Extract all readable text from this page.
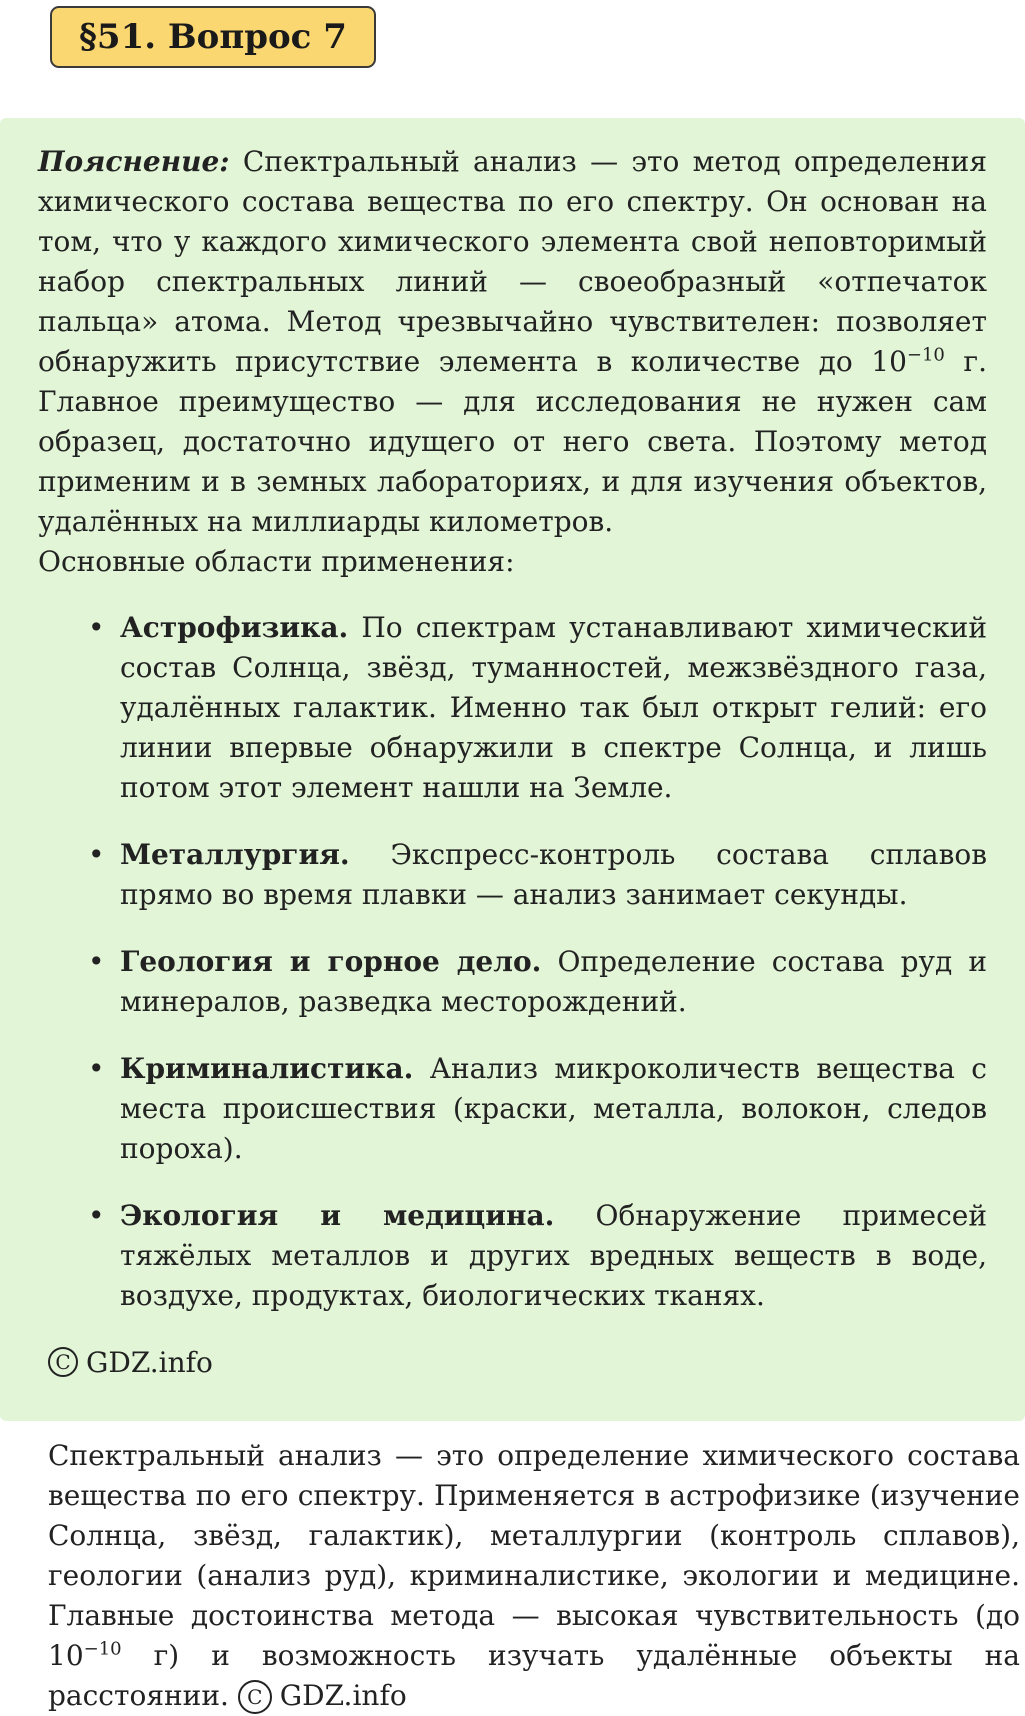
§51. Вопрос 7

Пояснение: Спектральный анализ — это метод определения химического состава вещества по его спектру. Он основан на том, что у каждого химического элемента свой неповторимый набор спектральных линий — своеобразный «отпечаток пальца» атома. Метод чрезвычайно чувствителен: позволяет обнаружить присутствие элемента в количестве до $10^{-10}$ г. Главное преимущество — для исследования не нужен сам образец, достаточно идущего от него света. Поэтому метод применим и в земных лабораториях, и для изучения объектов, удалённых на миллиарды километров.

Основные области применения:

• Астрофизика. По спектрам устанавливают химический состав Солнца, звёзд, туманностей, межзвёздного газа, удалённых галактик. Именно так был открыт гелий: его линии впервые обнаружили в спектре Солнца, и лишь потом этот элемент нашли на Земле.
• Металлургия. Экспресс-контроль состава сплавов прямо во время плавки — анализ занимает секунды.
• Геология и горное дело. Определение состава руд и минералов, разведка месторождений.
• Криминалистика. Анализ микроколичеств вещества с места происшествия (краски, металла, волокон, следов пороха).
• Экология и медицина. Обнаружение примесей тяжёлых металлов и других вредных веществ в воде, воздухе, продуктах, биологических тканях.
C GDZ.info

Спектральный анализ — это определение химического состава вещества по его спектру. Применяется в астрофизике (изучение Солнца, звёзд, галактик), металлургии (контроль сплавов), геологии (анализ руд), криминалистике, экологии и медицине. Главные достоинства метода — высокая чувствительность (до $10^{-10}$ г) и возможность изучать удалённые объекты на расстоянии. C GDZ.info
